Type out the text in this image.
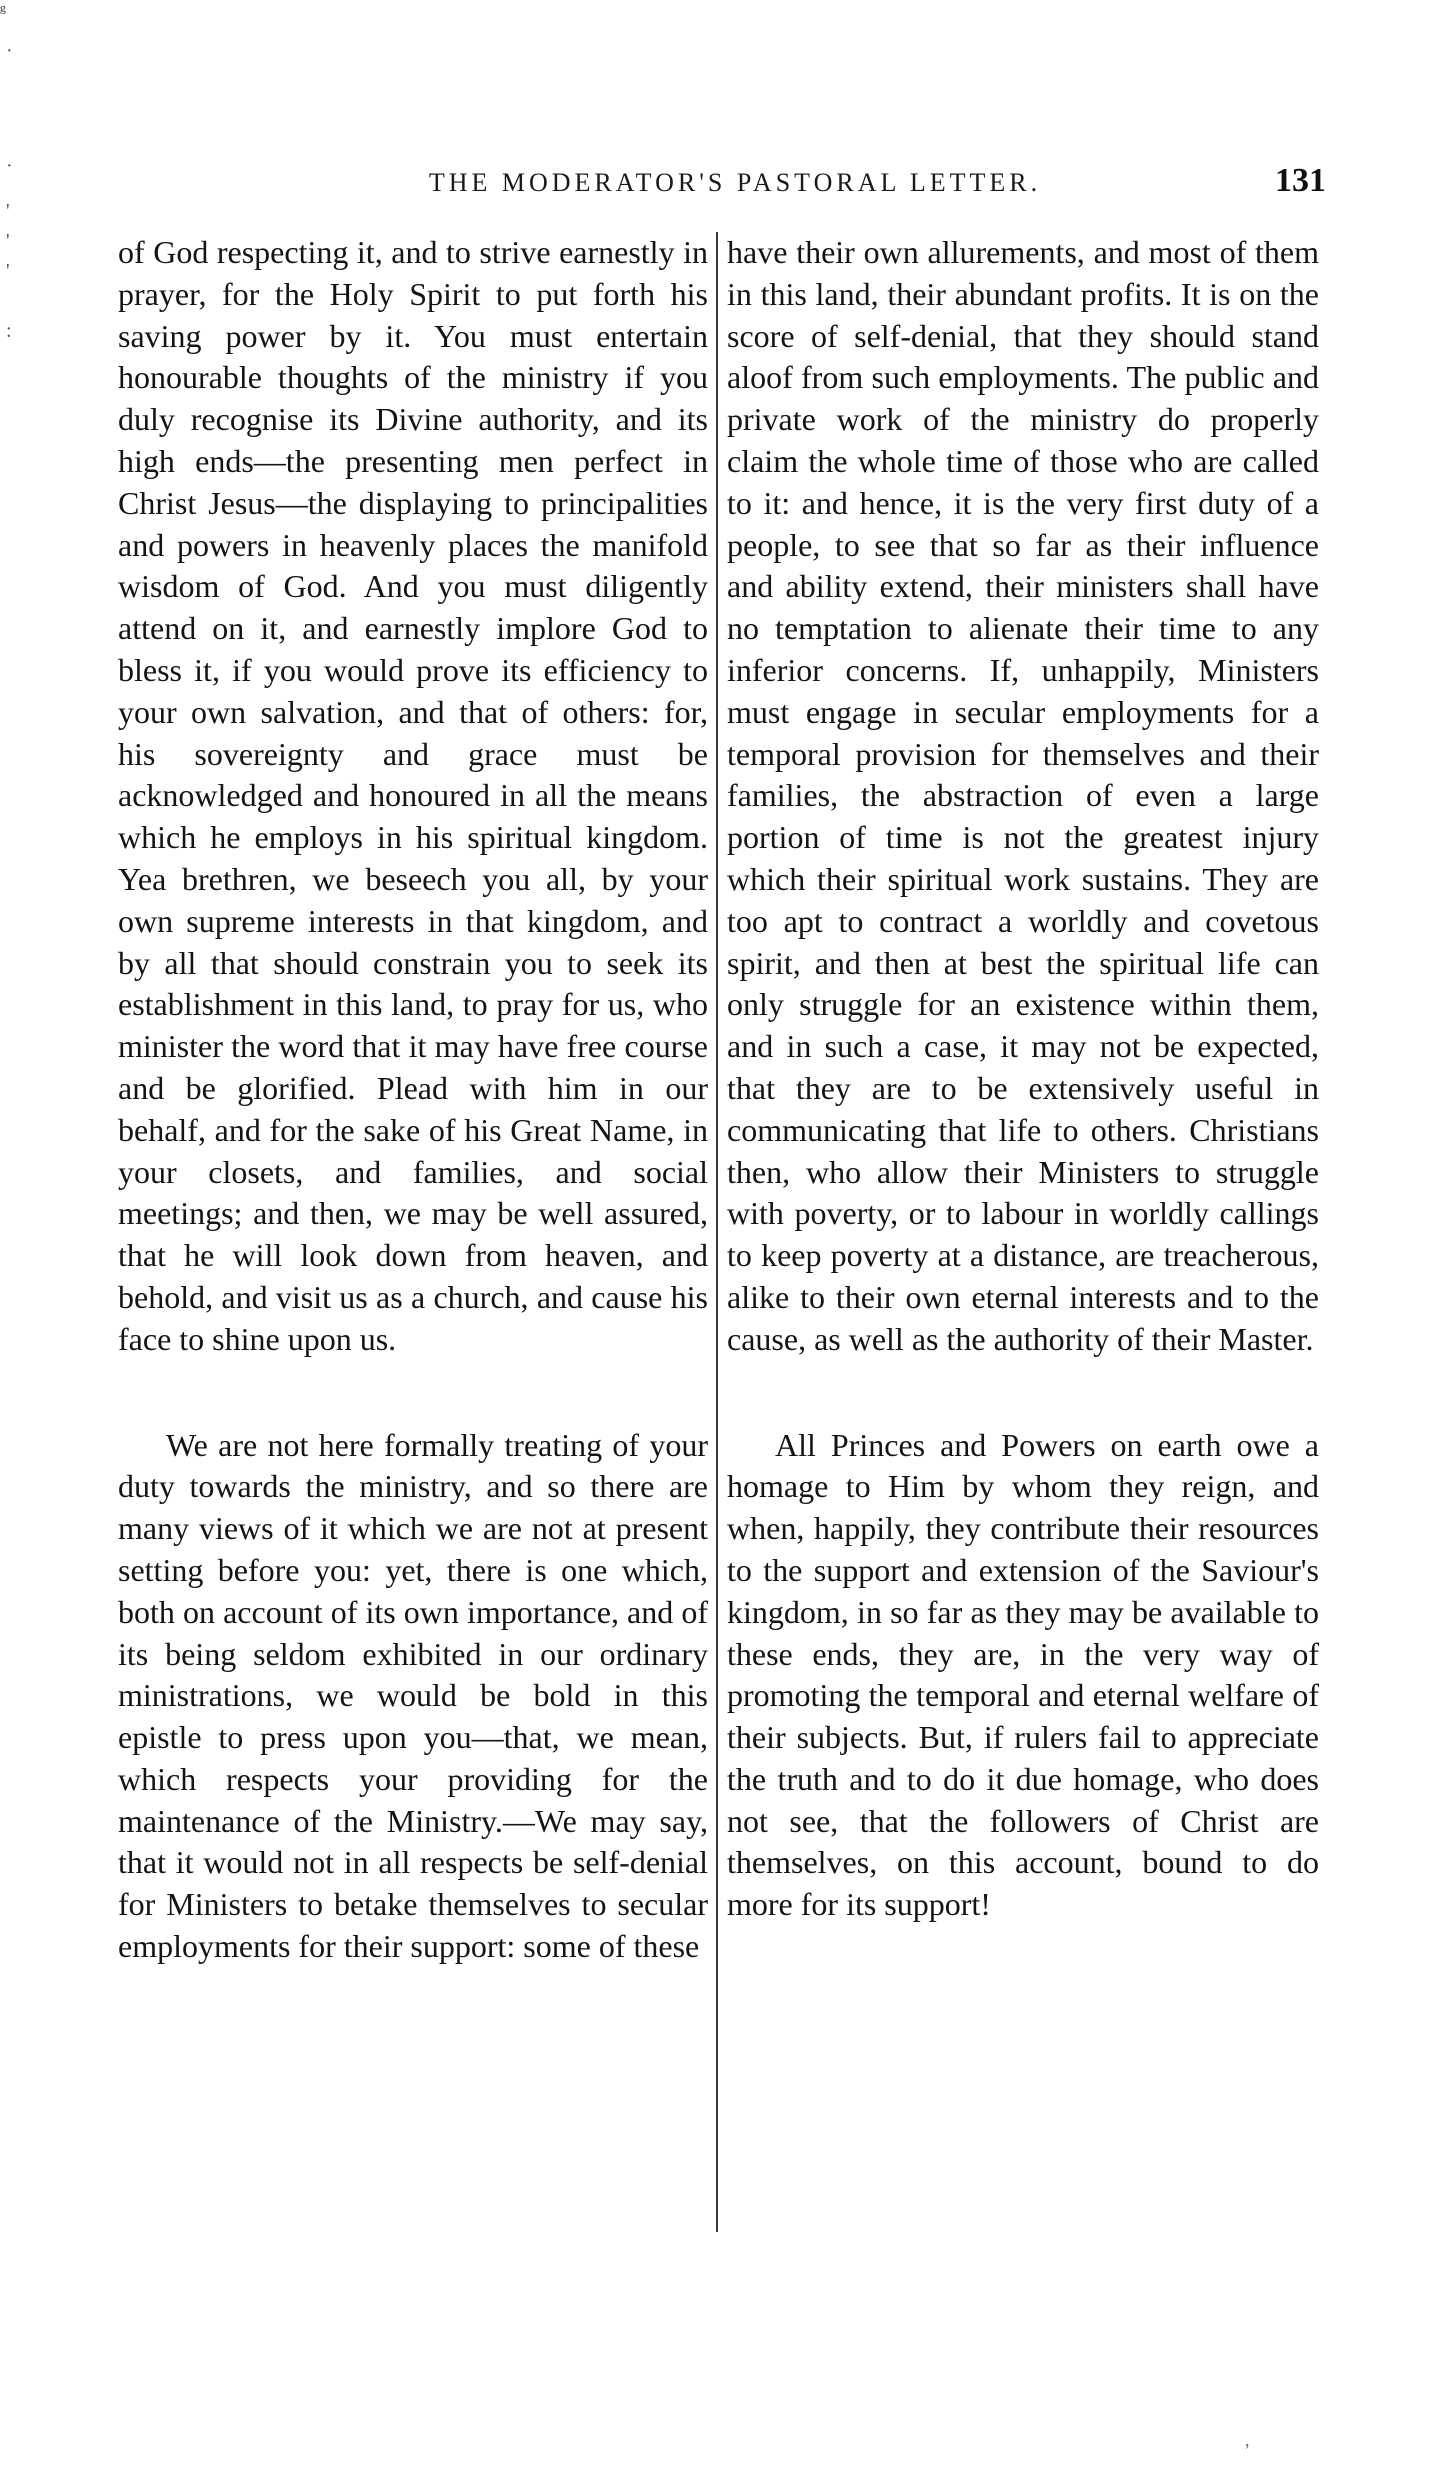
ᵍ
·
·
'
'
'
:
THE MODERATOR'S PASTORAL LETTER.	131

of God respecting it, and to strive earnestly in prayer, for the Holy Spirit to put forth his saving power by it. You must entertain honourable thoughts of the ministry if you duly recognise its Divine authority, and its high ends—the presenting men perfect in Christ Jesus—the displaying to principalities and powers in heavenly places the manifold wisdom of God. And you must diligently attend on it, and earnestly implore God to bless it, if you would prove its efficiency to your own salvation, and that of others: for, his sovereignty and grace must be acknowledged and honoured in all the means which he employs in his spiritual kingdom. Yea brethren, we beseech you all, by your own supreme interests in that kingdom, and by all that should constrain you to seek its establishment in this land, to pray for us, who minister the word that it may have free course and be glorified. Plead with him in our behalf, and for the sake of his Great Name, in your closets, and families, and social meetings; and then, we may be well assured, that he will look down from heaven, and behold, and visit us as a church, and cause his face to shine upon us.

We are not here formally treating of your duty towards the ministry, and so there are many views of it which we are not at present setting before you: yet, there is one which, both on account of its own importance, and of its being seldom exhibited in our ordinary ministrations, we would be bold in this epistle to press upon you—that, we mean, which respects your providing for the maintenance of the Ministry.—We may say, that it would not in all respects be self-denial for Ministers to betake themselves to secular employments for their support: some of these

have their own allurements, and most of them in this land, their abundant profits. It is on the score of self-denial, that they should stand aloof from such employments. The public and private work of the ministry do properly claim the whole time of those who are called to it: and hence, it is the very first duty of a people, to see that so far as their influence and ability extend, their ministers shall have no temptation to alienate their time to any inferior concerns. If, unhappily, Ministers must engage in secular employments for a temporal provision for themselves and their families, the abstraction of even a large portion of time is not the greatest injury which their spiritual work sustains. They are too apt to contract a worldly and covetous spirit, and then at best the spiritual life can only struggle for an existence within them, and in such a case, it may not be expected, that they are to be extensively useful in communicating that life to others. Christians then, who allow their Ministers to struggle with poverty, or to labour in worldly callings to keep poverty at a distance, are treacherous, alike to their own eternal interests and to the cause, as well as the authority of their Master.

All Princes and Powers on earth owe a homage to Him by whom they reign, and when, happily, they contribute their resources to the support and extension of the Saviour's kingdom, in so far as they may be available to these ends, they are, in the very way of promoting the temporal and eternal welfare of their subjects. But, if rulers fail to appreciate the truth and to do it due homage, who does not see, that the followers of Christ are themselves, on this account, bound to do more for its support!

,
